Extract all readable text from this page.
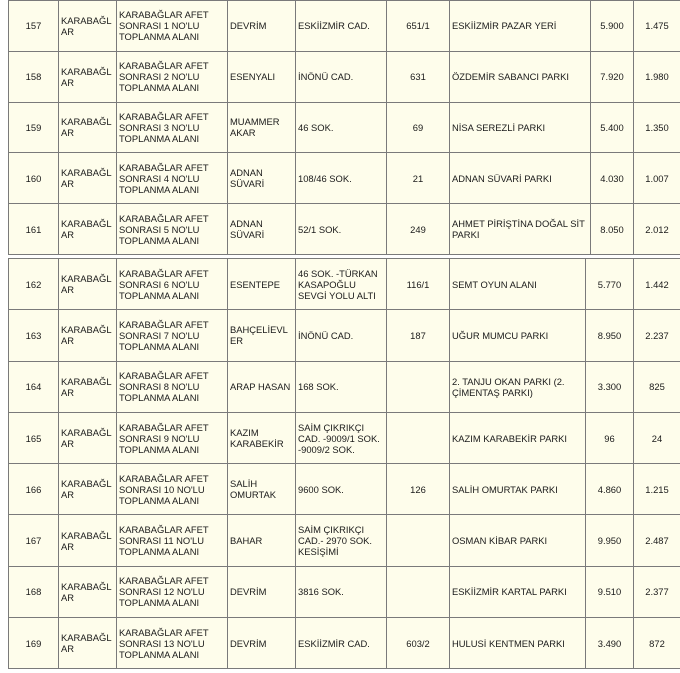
157	KARABAĞLAR	KARABAĞLAR AFET SONRASI 1 NO'LU TOPLANMA ALANI	DEVRİM	ESKİİZMİR CAD.	651/1	ESKİİZMİR PAZAR YERİ	5.900	1.475
158	KARABAĞLAR	KARABAĞLAR AFET SONRASI 2 NO'LU TOPLANMA ALANI	ESENYALI	İNÖNÜ CAD.	631	ÖZDEMİR SABANCI PARKI	7.920	1.980
159	KARABAĞLAR	KARABAĞLAR AFET SONRASI 3 NO'LU TOPLANMA ALANI	MUAMMER AKAR	46 SOK.	69	NİSA SEREZLİ PARKI	5.400	1.350
160	KARABAĞLAR	KARABAĞLAR AFET SONRASI 4 NO'LU TOPLANMA ALANI	ADNAN SÜVARİ	108/46 SOK.	21	ADNAN SÜVARİ PARKI	4.030	1.007
161	KARABAĞLAR	KARABAĞLAR AFET SONRASI 5 NO'LU TOPLANMA ALANI	ADNAN SÜVARİ	52/1 SOK.	249	AHMET PİRİŞTİNA DOĞAL SİT PARKI	8.050	2.012
162	KARABAĞLAR	KARABAĞLAR AFET SONRASI 6 NO'LU TOPLANMA ALANI	ESENTEPE	46 SOK. -TÜRKAN KASAPOĞLU SEVGİ YOLU ALTI	116/1	SEMT OYUN ALANI	5.770	1.442
163	KARABAĞLAR	KARABAĞLAR AFET SONRASI 7 NO'LU TOPLANMA ALANI	BAHÇELİEVLER	İNÖNÜ CAD.	187	UĞUR MUMCU PARKI	8.950	2.237
164	KARABAĞLAR	KARABAĞLAR AFET SONRASI 8 NO'LU TOPLANMA ALANI	ARAP HASAN	168 SOK.		2. TANJU OKAN PARKI (2. ÇİMENTAŞ PARKI)	3.300	825
165	KARABAĞLAR	KARABAĞLAR AFET SONRASI 9 NO'LU TOPLANMA ALANI	KAZIM KARABEKİR	SAİM ÇIKRIKÇI CAD. -9009/1 SOK. -9009/2 SOK.		KAZIM KARABEKİR PARKI	96	24
166	KARABAĞLAR	KARABAĞLAR AFET SONRASI 10 NO'LU TOPLANMA ALANI	SALİH OMURTAK	9600 SOK.	126	SALİH OMURTAK PARKI	4.860	1.215
167	KARABAĞLAR	KARABAĞLAR AFET SONRASI 11 NO'LU TOPLANMA ALANI	BAHAR	SAİM ÇIKRIKÇI CAD.- 2970 SOK. KESİŞİMİ		OSMAN KİBAR PARKI	9.950	2.487
168	KARABAĞLAR	KARABAĞLAR AFET SONRASI 12 NO'LU TOPLANMA ALANI	DEVRİM	3816 SOK.		ESKİİZMİR KARTAL PARKI	9.510	2.377
169	KARABAĞLAR	KARABAĞLAR AFET SONRASI 13 NO'LU TOPLANMA ALANI	DEVRİM	ESKİİZMİR CAD.	603/2	HULUSİ KENTMEN PARKI	3.490	872
